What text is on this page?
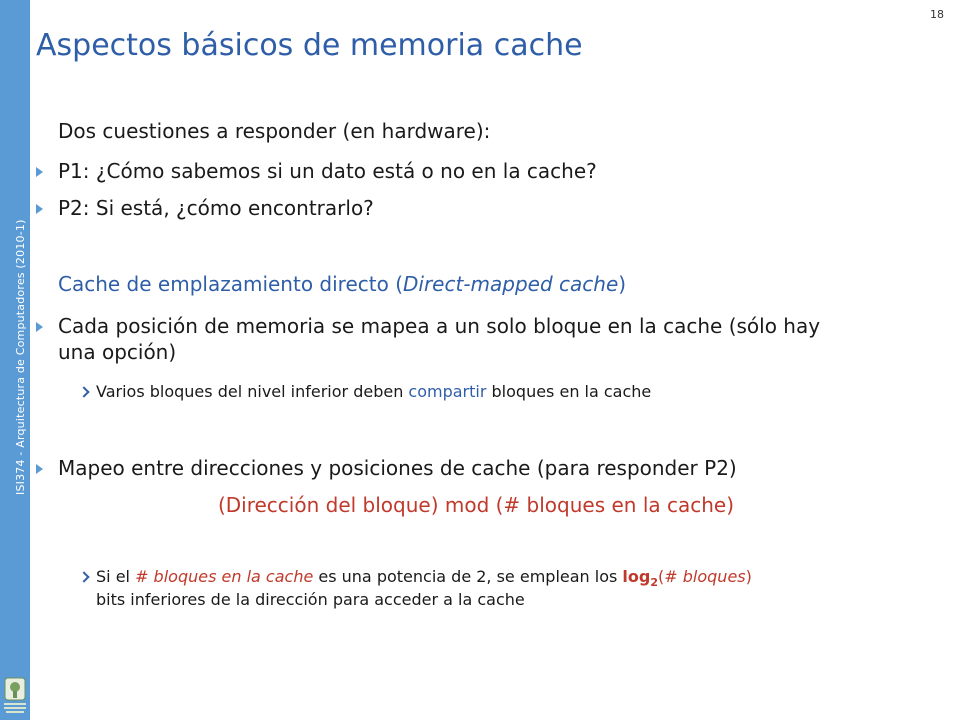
ISI374 - Arquitectura de Computadores (2010-1)
18
Aspectos básicos de memoria cache
Dos cuestiones a responder (en hardware):
P1: ¿Cómo sabemos si un dato está o no en la cache?
P2: Si está, ¿cómo encontrarlo?
Cache de emplazamiento directo (Direct-mapped cache)
Cada posición de memoria se mapea a un solo bloque en la cache (sólo hay
una opción)
Varios bloques del nivel inferior deben compartir bloques en la cache
Mapeo entre direcciones y posiciones de cache (para responder P2)
(Dirección del bloque) mod (# bloques en la cache)
Si el # bloques en la cache es una potencia de 2, se emplean los $\log_2(\#$ bloques)
bits inferiores de la dirección para acceder a la cache
